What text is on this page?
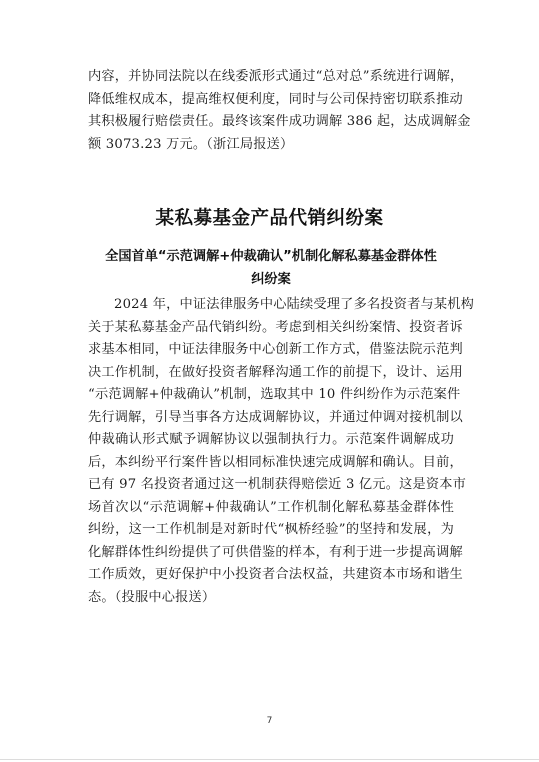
内容，并协同法院以在线委派形式通过“总对总”系统进行调解，
降低维权成本，提高维权便利度，同时与公司保持密切联系推动
其积极履行赔偿责任。最终该案件成功调解 386 起，达成调解金
额 3073.23 万元。（浙江局报送）
某私募基金产品代销纠纷案
全国首单“示范调解+仲裁确认”机制化解私募基金群体性
纠纷案
2024 年，中证法律服务中心陆续受理了多名投资者与某机构
关于某私募基金产品代销纠纷。考虑到相关纠纷案情、投资者诉
求基本相同，中证法律服务中心创新工作方式，借鉴法院示范判
决工作机制，在做好投资者解释沟通工作的前提下，设计、运用
“示范调解+仲裁确认”机制，选取其中 10 件纠纷作为示范案件
先行调解，引导当事各方达成调解协议，并通过仲调对接机制以
仲裁确认形式赋予调解协议以强制执行力。示范案件调解成功
后，本纠纷平行案件皆以相同标准快速完成调解和确认。目前，
已有 97 名投资者通过这一机制获得赔偿近 3 亿元。这是资本市
场首次以“示范调解+仲裁确认”工作机制化解私募基金群体性
纠纷，这一工作机制是对新时代“枫桥经验”的坚持和发展，为
化解群体性纠纷提供了可供借鉴的样本，有利于进一步提高调解
工作质效，更好保护中小投资者合法权益，共建资本市场和谐生
态。（投服中心报送）
7
